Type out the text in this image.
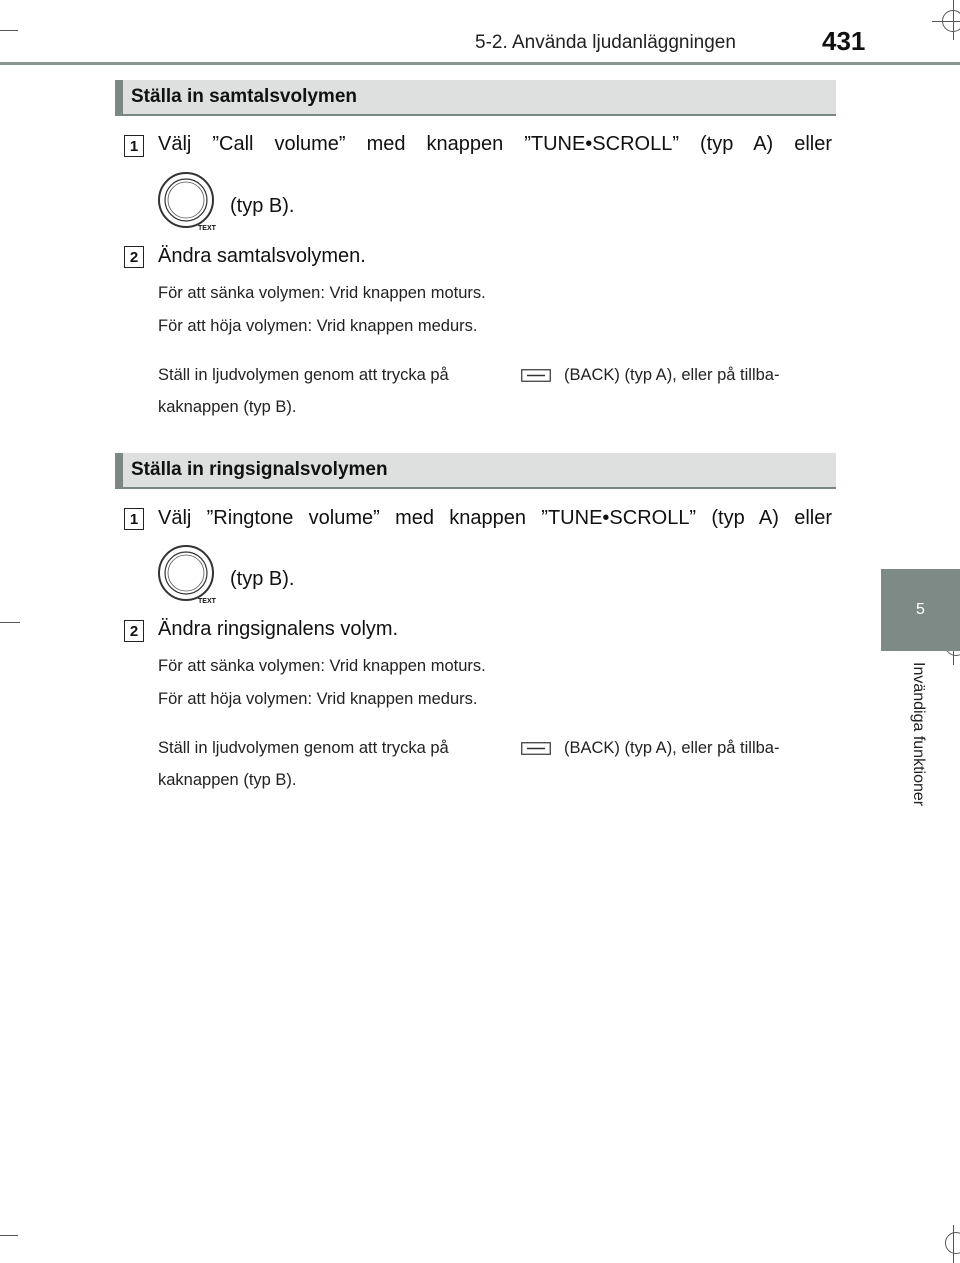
5-2. Använda ljudanläggningen	431
5
Invändiga funktioner
Ställa in samtalsvolymen
1 Välj ”Call volume” med knappen ”TUNE•SCROLL” (typ A) eller
TEXT
(typ B).
2 Ändra samtalsvolymen.
För att sänka volymen: Vrid knappen moturs.
För att höja volymen: Vrid knappen medurs.
Ställ in ljudvolymen genom att trycka på	(BACK) (typ A), eller på tillba-
kaknappen (typ B).
Ställa in ringsignalsvolymen
1 Välj ”Ringtone volume” med knappen ”TUNE•SCROLL” (typ A) eller
TEXT
(typ B).
2 Ändra ringsignalens volym.
För att sänka volymen: Vrid knappen moturs.
För att höja volymen: Vrid knappen medurs.
Ställ in ljudvolymen genom att trycka på	(BACK) (typ A), eller på tillba-
kaknappen (typ B).
